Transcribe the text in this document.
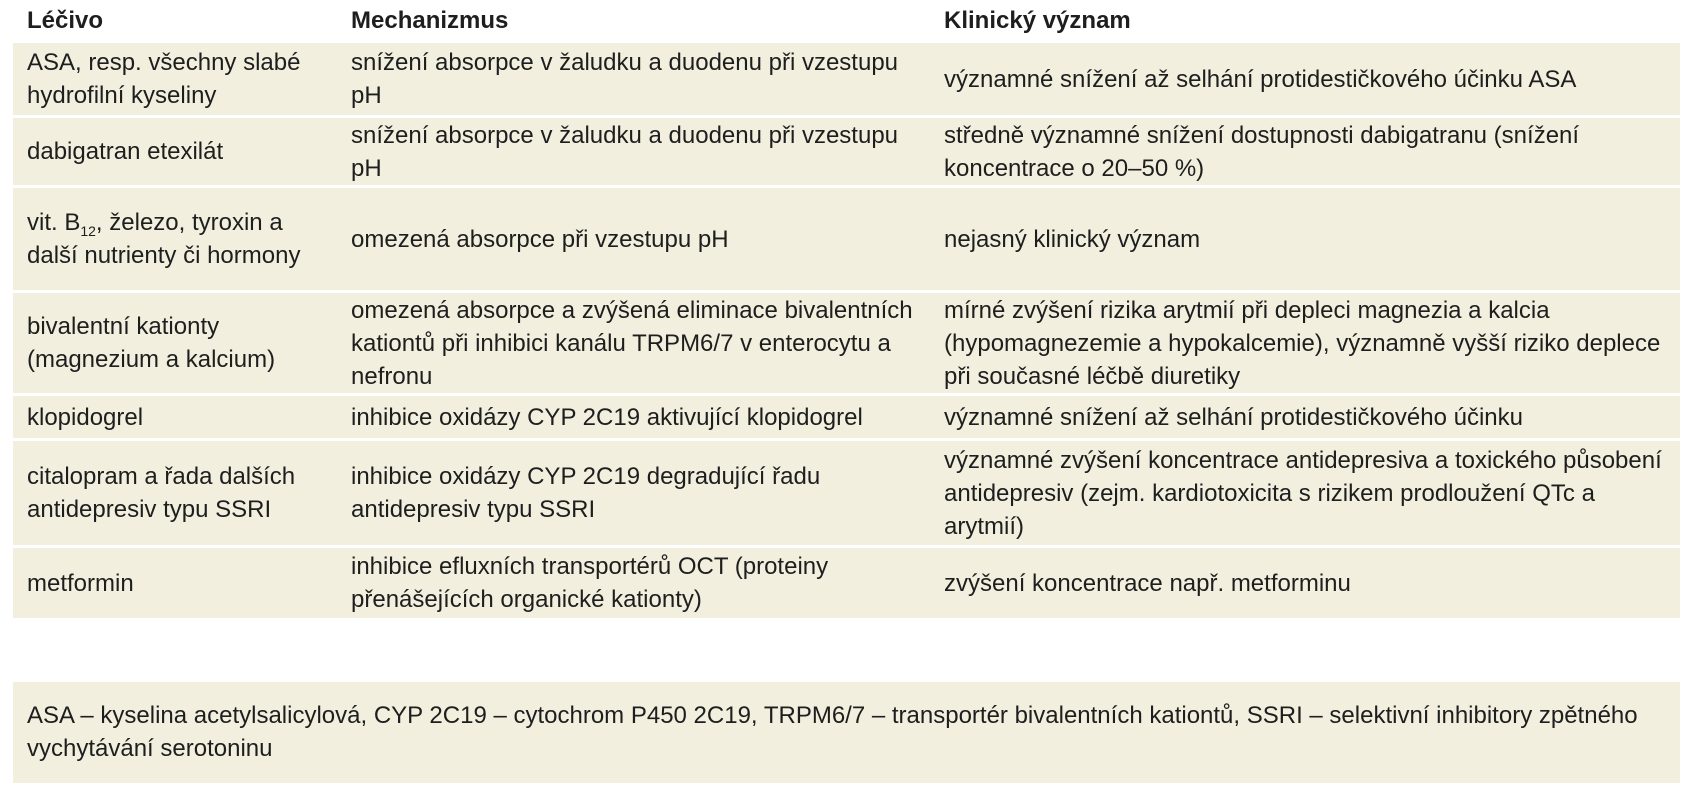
Léčivo	Mechanizmus	Klinický význam
ASA, resp. všechny slabé hydrofilní kyseliny	snížení absorpce v žaludku a duodenu při vzestupu pH	významné snížení až selhání protidestičkového účinku ASA
dabigatran etexilát	snížení absorpce v žaludku a duodenu při vzestupu pH	středně významné snížení dostupnosti dabigatranu (snížení koncentrace o 20–50 %)
vit. $B_{12}$, železo, tyroxin a další nutrienty či hormony	omezená absorpce při vzestupu pH	nejasný klinický význam
bivalentní kationty (magnezium a kalcium)	omezená absorpce a zvýšená eliminace bivalentních kationtů při inhibici kanálu TRPM6/7 v enterocytu a nefronu	mírné zvýšení rizika arytmií při depleci magnezia a kalcia (hypomagnezemie a hypokalcemie), významně vyšší riziko deplece při současné léčbě diuretiky
klopidogrel	inhibice oxidázy CYP 2C19 aktivující klopidogrel	významné snížení až selhání protidestičkového účinku
citalopram a řada dalších antidepresiv typu SSRI	inhibice oxidázy CYP 2C19 degradující řadu antidepresiv typu SSRI	významné zvýšení koncentrace antidepresiva a toxického působení antidepresiv (zejm. kardiotoxicita s rizikem prodloužení QTc a arytmií)
metformin	inhibice efluxních transportérů OCT (proteiny přenášejících organické kationty)	zvýšení koncentrace např. metforminu
ASA – kyselina acetylsalicylová, CYP 2C19 – cytochrom P450 2C19, TRPM6/7 – transportér bivalentních kationtů, SSRI – selektivní inhibitory zpětného vychytávání serotoninu
